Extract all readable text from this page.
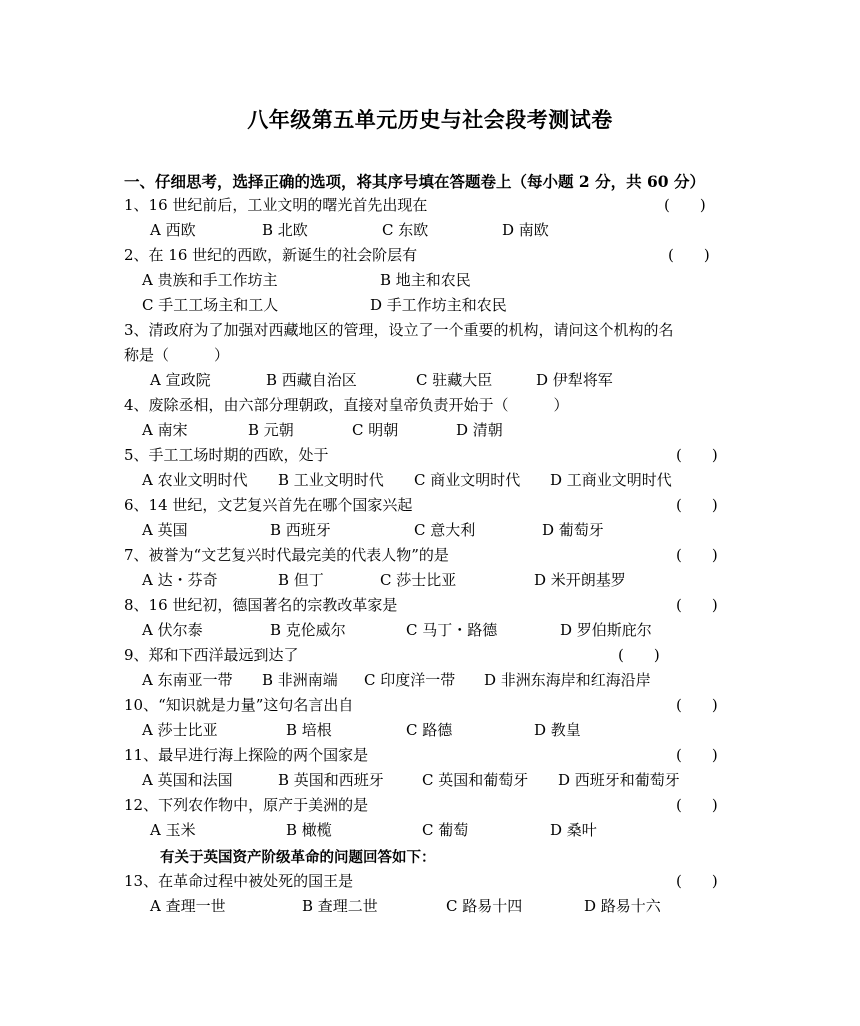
八年级第五单元历史与社会段考测试卷
一、仔细思考，选择正确的选项，将其序号填在答题卷上（每小题 2 分，共 60 分）
1、16 世纪前后，工业文明的曙光首先出现在	(　　)
A 西欧	B 北欧	C 东欧	D 南欧
2、在 16 世纪的西欧，新诞生的社会阶层有	(　　)
A 贵族和手工作坊主	B 地主和农民
C 手工工场主和工人	D 手工作坊主和农民
3、清政府为了加强对西藏地区的管理，设立了一个重要的机构，请问这个机构的名
称是（　　　）
A 宣政院	B 西藏自治区	C 驻藏大臣	D 伊犁将军
4、废除丞相，由六部分理朝政，直接对皇帝负责开始于（　　　）
A 南宋	B 元朝	C 明朝	D 清朝
5、手工工场时期的西欧，处于	(　　)
A 农业文明时代 B 工业文明时代 C 商业文明时代 D 工商业文明时代
6、14 世纪，文艺复兴首先在哪个国家兴起	(　　)
A 英国	B 西班牙	C 意大利	D 葡萄牙
7、被誉为“文艺复兴时代最完美的代表人物”的是	(　　)
A 达・芬奇	B 但丁	C 莎士比亚	D 米开朗基罗
8、16 世纪初，德国著名的宗教改革家是	(　　)
A 伏尔泰	B 克伦威尔	C 马丁・路德	D 罗伯斯庇尔
9、郑和下西洋最远到达了	(　　)
A 东南亚一带 B 非洲南端 C 印度洋一带 D 非洲东海岸和红海沿岸
10、“知识就是力量”这句名言出自	(　　)
A 莎士比亚	B 培根	C 路德	D 教皇
11、最早进行海上探险的两个国家是	(　　)
A 英国和法国	B 英国和西班牙	C 英国和葡萄牙 D 西班牙和葡萄牙
12、下列农作物中，原产于美洲的是	(　　)
A 玉米	B 橄榄	C 葡萄	D 桑叶
有关于英国资产阶级革命的问题回答如下：
13、在革命过程中被处死的国王是	(　　)
A 查理一世	B 查理二世	C 路易十四	D 路易十六
